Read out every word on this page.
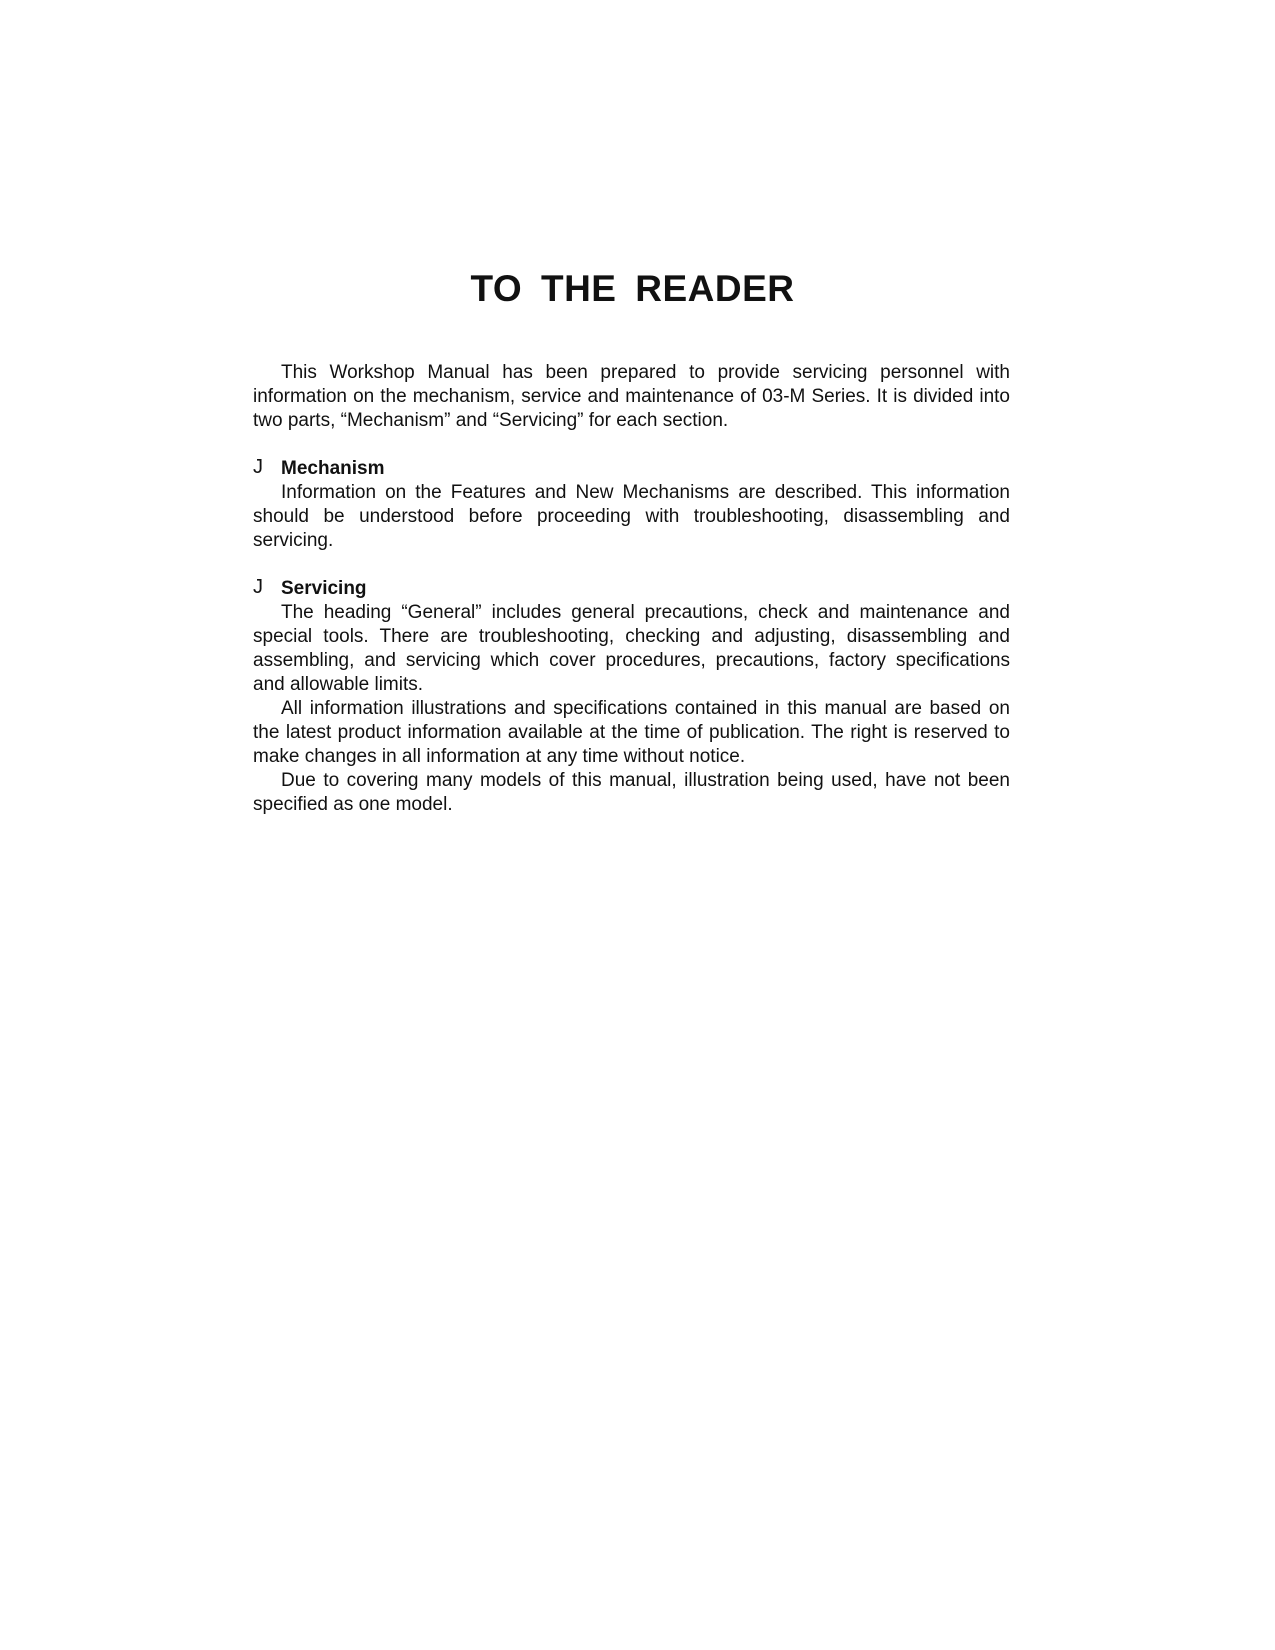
TO THE READER

This Workshop Manual has been prepared to provide servicing personnel with information on the mechanism, service and maintenance of 03-M Series. It is divided into two parts, “Mechanism” and “Servicing” for each section.

J Mechanism

Information on the Features and New Mechanisms are described. This information should be understood before proceeding with troubleshooting, disassembling and servicing.

J Servicing

The heading “General” includes general precautions, check and maintenance and special tools. There are troubleshooting, checking and adjusting, disassembling and assembling, and servicing which cover procedures, precautions, factory specifications and allowable limits.

All information illustrations and specifications contained in this manual are based on the latest product information available at the time of publication. The right is reserved to make changes in all information at any time without notice.

Due to covering many models of this manual, illustration being used, have not been specified as one model.
